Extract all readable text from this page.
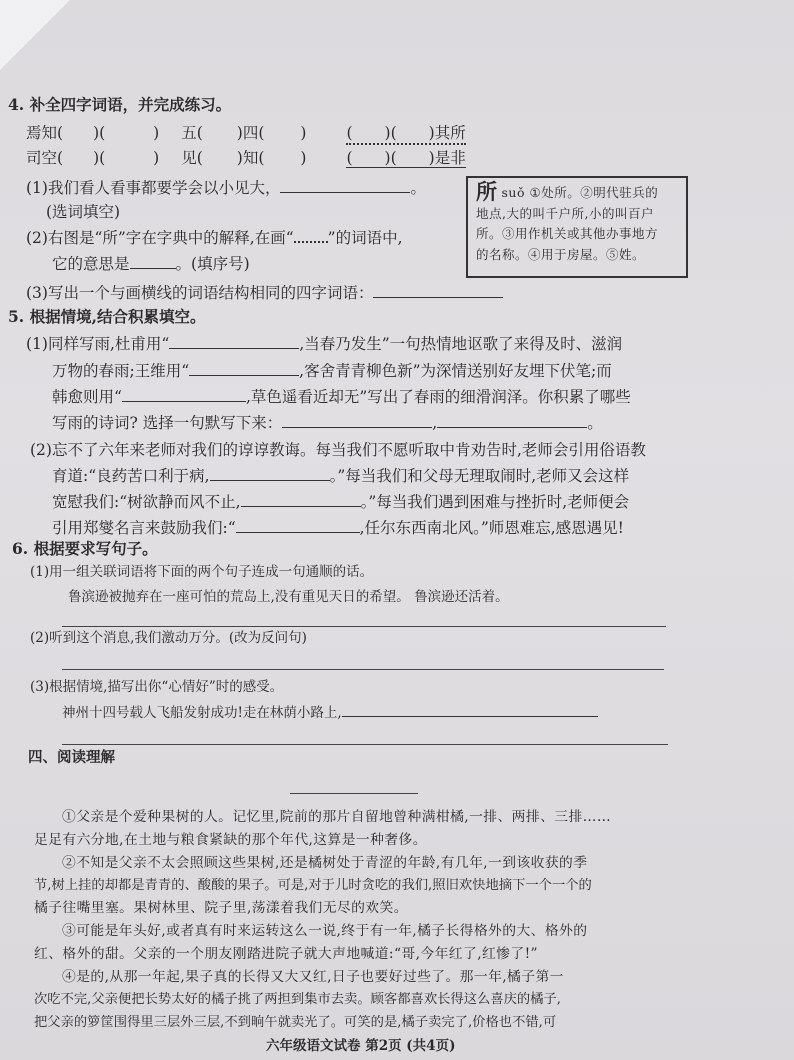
4. 补全四字词语，并完成练习。
焉知( )(	) 五( )四( )	( )( )其所
司空( )(	) 见( )知( )	( )( )是非
(1)我们看人看事都要学会以小见大，	。
(选词填空)
(2)右图是“所”字在字典中的解释,在画“ ”的词语中,
它的意思是	。(填序号)
(3)写出一个与画横线的词语结构相同的四字词语：
所suǒ ①处所。②明代驻兵的
地点,大的叫千户所,小的叫百户
所。③用作机关或其他办事地方
的名称。④用于房屋。⑤姓。
5. 根据情境,结合积累填空。
(1)同样写雨,杜甫用“	,当春乃发生”一句热情地讴歌了来得及时、滋润
万物的春雨;王维用“	,客舍青青柳色新”为深情送别好友埋下伏笔;而
韩愈则用“	,草色遥看近却无”写出了春雨的细滑润泽。你积累了哪些
写雨的诗词? 选择一句默写下来：	,	。
(2)忘不了六年来老师对我们的谆谆教诲。每当我们不愿听取中肯劝告时,老师会引用俗语教
育道:“良药苦口利于病,	。”每当我们和父母无理取闹时,老师又会这样
宽慰我们:“树欲静而风不止,	。”每当我们遇到困难与挫折时,老师便会
引用郑燮名言来鼓励我们:“	,任尔东西南北风。”师恩难忘,感恩遇见!
6. 根据要求写句子。
(1)用一组关联词语将下面的两个句子连成一句通顺的话。
鲁滨逊被抛弃在一座可怕的荒岛上,没有重见天日的希望。 鲁滨逊还活着。
(2)听到这个消息,我们激动万分。(改为反问句)
(3)根据情境,描写出你“心情好”时的感受。
神州十四号载人飞船发射成功!走在林荫小路上,
四、阅读理解
①父亲是个爱种果树的人。记忆里,院前的那片自留地曾种满柑橘,一排、两排、三排……
足足有六分地,在土地与粮食紧缺的那个年代,这算是一种奢侈。
②不知是父亲不太会照顾这些果树,还是橘树处于青涩的年龄,有几年,一到该收获的季
节,树上挂的却都是青青的、酸酸的果子。可是,对于儿时贪吃的我们,照旧欢快地摘下一个一个的
橘子往嘴里塞。果树林里、院子里,荡漾着我们无尽的欢笑。
③可能是年头好,或者真有时来运转这么一说,终于有一年,橘子长得格外的大、格外的
红、格外的甜。父亲的一个朋友刚踏进院子就大声地喊道:“哥,今年红了,红惨了!”
④是的,从那一年起,果子真的长得又大又红,日子也要好过些了。那一年,橘子第一
次吃不完,父亲便把长势太好的橘子挑了两担到集市去卖。顾客都喜欢长得这么喜庆的橘子,
把父亲的箩筐围得里三层外三层,不到晌午就卖光了。可笑的是,橘子卖完了,价格也不错,可
六年级语文试卷 第2页 (共4页)
